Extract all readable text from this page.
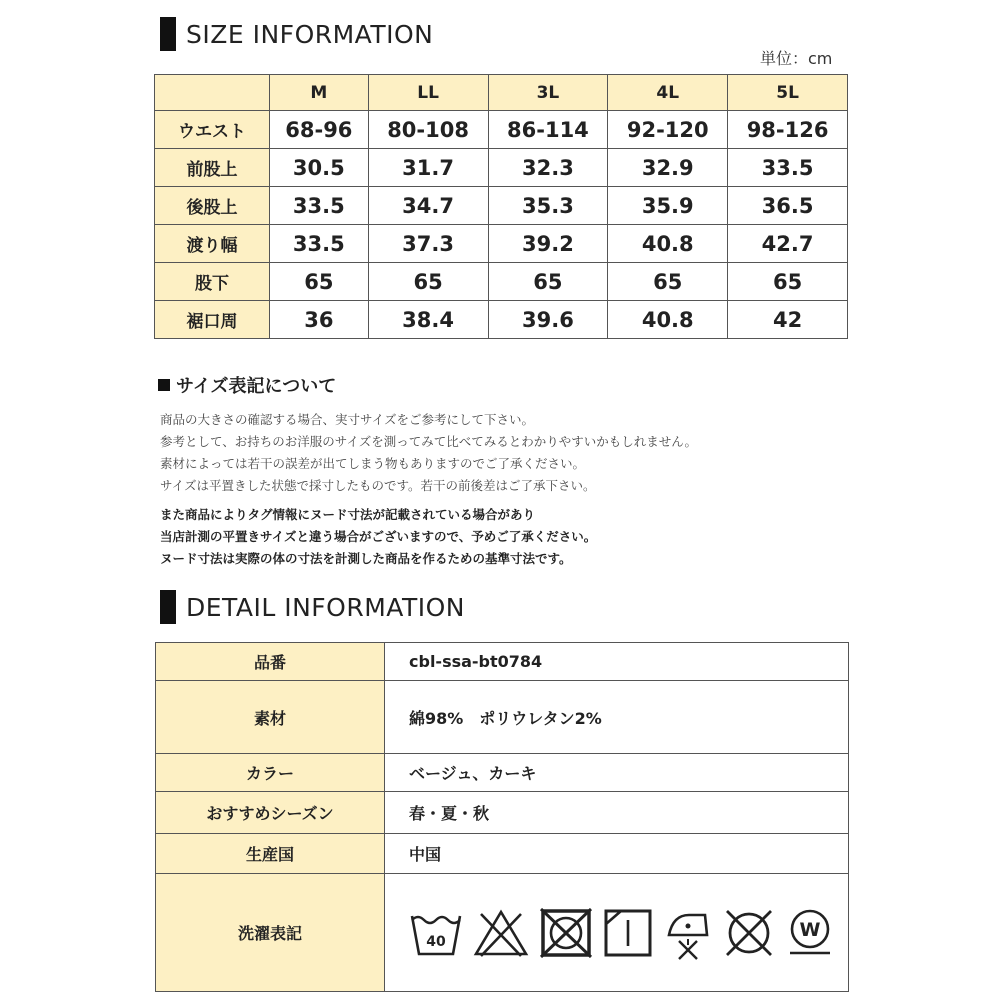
SIZE INFORMATION
単位：cm
	M	LL	3L	4L	5L
ウエスト	68-96	80-108	86-114	92-120	98-126
前股上	30.5	31.7	32.3	32.9	33.5
後股上	33.5	34.7	35.3	35.9	36.5
渡り幅	33.5	37.3	39.2	40.8	42.7
股下	65	65	65	65	65
裾口周	36	38.4	39.6	40.8	42
サイズ表記について
商品の大きさの確認する場合、実寸サイズをご参考にして下さい。
参考として、お持ちのお洋服のサイズを測ってみて比べてみるとわかりやすいかもしれません。
素材によっては若干の誤差が出てしまう物もありますのでご了承ください。
サイズは平置きした状態で採寸したものです。若干の前後差はご了承下さい。
また商品によりタグ情報にヌード寸法が記載されている場合があり
当店計測の平置きサイズと違う場合がございますので、予めご了承ください。
ヌード寸法は実際の体の寸法を計測した商品を作るための基準寸法です。
DETAIL INFORMATION
品番	cbl-ssa-bt0784
素材	綿98%　ポリウレタン2%
カラー	ベージュ、カーキ
おすすめシーズン	春・夏・秋
生産国	中国
洗濯表記	40
W
